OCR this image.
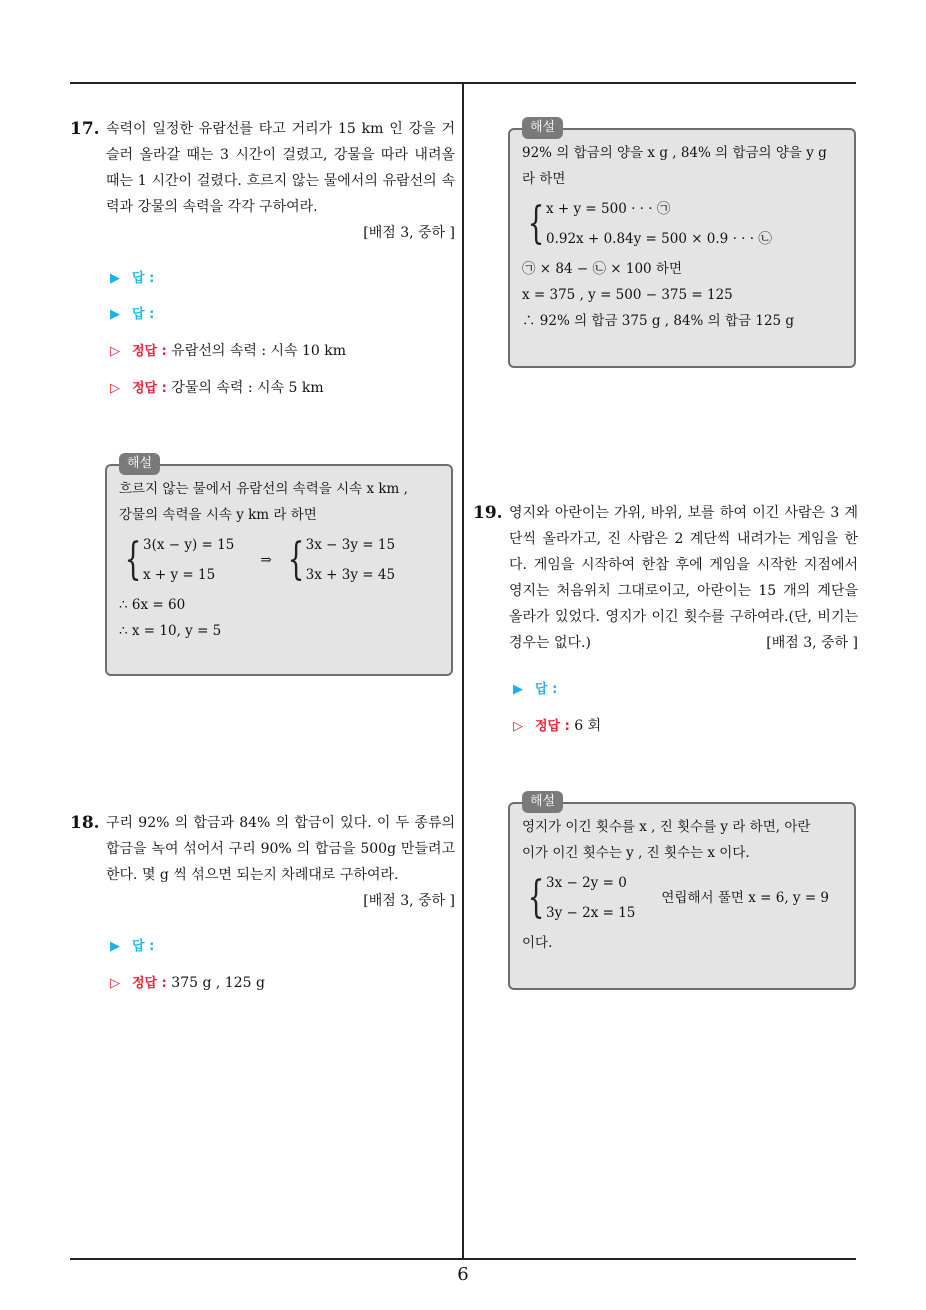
17. 속력이 일정한 유람선를 타고 거리가 15 km 인 강을 거슬러 올라갈 때는 3 시간이 걸렸고, 강물을 따라 내려올 때는 1 시간이 걸렸다. 흐르지 않는 물에서의 유람선의 속력과 강물의 속력을 각각 구하여라.
[배점 3, 중하 ]
▶ 답 :
▶ 답 :
▷ 정답 : 유람선의 속력 : 시속 10 km
▷ 정답 : 강물의 속력 : 시속 5 km
해설
흐르지 않는 물에서 유람선의 속력을 시속 x km ,
강물의 속력을 시속 y km 라 하면
{ 3(x − y) = 15
x + y = 15
⇒ { 3x − 3y = 15
3x + 3y = 45
∴ 6x = 60
∴ x = 10, y = 5
18. 구리 92% 의 합금과 84% 의 합금이 있다. 이 두 종류의 합금을 녹여 섞어서 구리 90% 의 합금을 500g 만들려고 한다. 몇 g 씩 섞으면 되는지 차례대로 구하여라.
[배점 3, 중하 ]
▶ 답 :
▷ 정답 : 375 g , 125 g
해설
92% 의 합금의 양을 x g , 84% 의 합금의 양을 y g
라 하면
{ x + y = 500 · · · ㉠
0.92x + 0.84y = 500 × 0.9 · · · ㉡
㉠ × 84 − ㉡ × 100 하면
x = 375 , y = 500 − 375 = 125
∴ 92% 의 합금 375 g , 84% 의 합금 125 g
19. 영지와 아란이는 가위, 바위, 보를 하여 이긴 사람은 3 계단씩 올라가고, 진 사람은 2 계단씩 내려가는 게임을 한다. 게임을 시작하여 한참 후에 게임을 시작한 지점에서 영지는 처음위치 그대로이고, 아란이는 15 개의 계단을 올라가 있었다. 영지가 이긴 횟수를 구하여라.(단, 비기는 경우는 없다.)	[배점 3, 중하 ]
▶ 답 :
▷ 정답 : 6 회
해설
영지가 이긴 횟수를 x , 진 횟수를 y 라 하면, 아란
이가 이긴 횟수는 y , 진 횟수는 x 이다.
{ 3x − 2y = 0
3y − 2x = 15
연립해서 풀면 x = 6, y = 9
이다.
6
